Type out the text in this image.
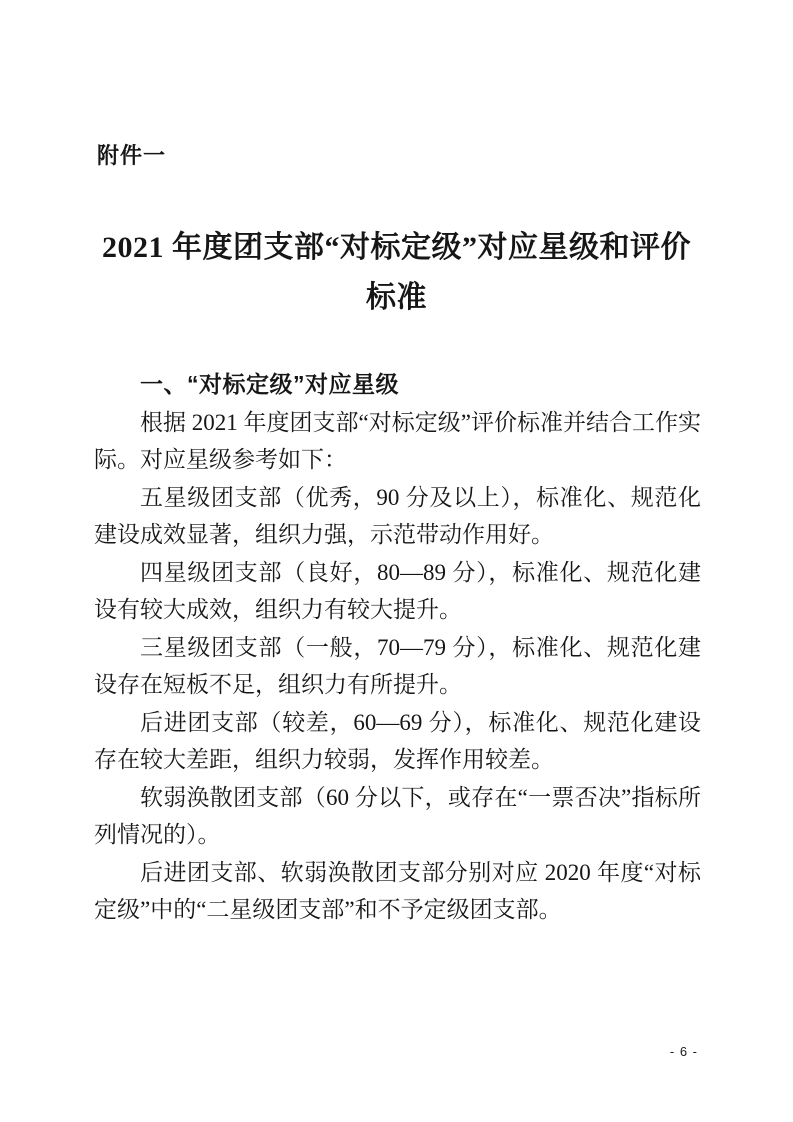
附件一
2021 年度团支部“对标定级”对应星级和评价
标准
一、“对标定级”对应星级

根据 2021 年度团支部“对标定级”评价标准并结合工作实际。对应星级参考如下：

五星级团支部（优秀，90 分及以上），标准化、规范化建设成效显著，组织力强，示范带动作用好。

四星级团支部（良好，80—89 分），标准化、规范化建设有较大成效，组织力有较大提升。

三星级团支部（一般，70—79 分），标准化、规范化建设存在短板不足，组织力有所提升。

后进团支部（较差，60—69 分），标准化、规范化建设存在较大差距，组织力较弱，发挥作用较差。

软弱涣散团支部（60 分以下，或存在“一票否决”指标所列情况的）。

后进团支部、软弱涣散团支部分别对应 2020 年度“对标定级”中的“二星级团支部”和不予定级团支部。

- 6 -
